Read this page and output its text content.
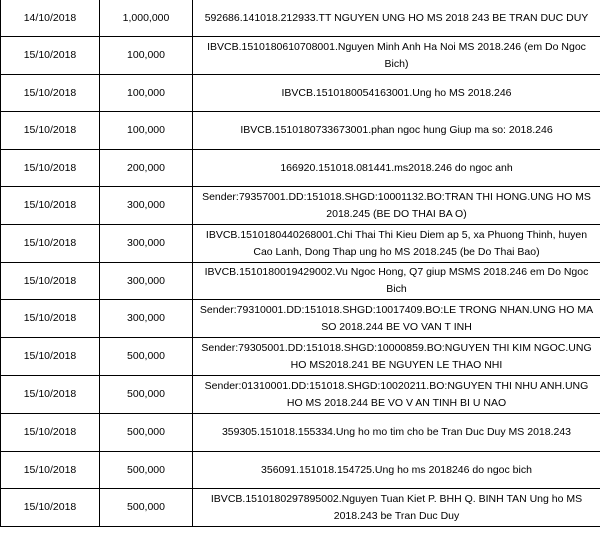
14/10/2018	1,000,000	592686.141018.212933.TT NGUYEN UNG HO MS 2018 243 BE TRAN DUC DUY
15/10/2018	100,000	IBVCB.1510180610708001.Nguyen Minh Anh Ha Noi MS 2018.246 (em Do Ngoc Bich)
15/10/2018	100,000	IBVCB.1510180054163001.Ung ho MS 2018.246
15/10/2018	100,000	IBVCB.1510180733673001.phan ngoc hung Giup ma so: 2018.246
15/10/2018	200,000	166920.151018.081441.ms2018.246 do ngoc anh
15/10/2018	300,000	Sender:79357001.DD:151018.SHGD:10001132.BO:TRAN THI HONG.UNG HO MS 2018.245 (BE DO THAI BA O)
15/10/2018	300,000	IBVCB.1510180440268001.Chi Thai Thi Kieu Diem ap 5, xa Phuong Thinh, huyen Cao Lanh, Dong Thap ung ho MS 2018.245 (be Do Thai Bao)
15/10/2018	300,000	IBVCB.1510180019429002.Vu Ngoc Hong, Q7 giup MSMS 2018.246 em Do Ngoc Bich
15/10/2018	300,000	Sender:79310001.DD:151018.SHGD:10017409.BO:LE TRONG NHAN.UNG HO MA SO 2018.244 BE VO VAN T INH
15/10/2018	500,000	Sender:79305001.DD:151018.SHGD:10000859.BO:NGUYEN THI KIM NGOC.UNG HO MS2018.241 BE NGUYEN LE THAO NHI
15/10/2018	500,000	Sender:01310001.DD:151018.SHGD:10020211.BO:NGUYEN THI NHU ANH.UNG HO MS 2018.244 BE VO V AN TINH BI U NAO
15/10/2018	500,000	359305.151018.155334.Ung ho mo tim cho be Tran Duc Duy MS 2018.243
15/10/2018	500,000	356091.151018.154725.Ung ho ms 2018246 do ngoc bich
15/10/2018	500,000	IBVCB.1510180297895002.Nguyen Tuan Kiet P. BHH Q. BINH TAN Ung ho MS 2018.243 be Tran Duc Duy
